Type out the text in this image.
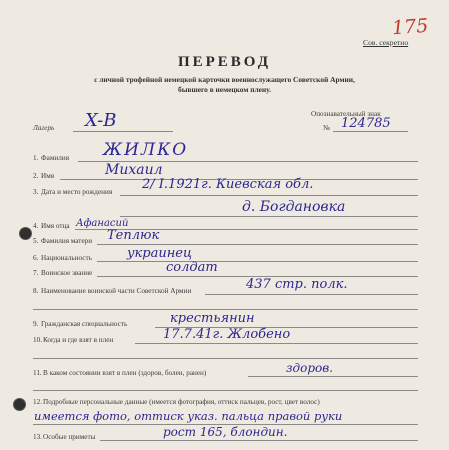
175
Сов. секретно
ПЕРЕВОД
с личной трофейной немецкой карточки военнослужащего Советской Армии,
бывшего в немецком плену.
Лагерь X-B	Опознавательный знак
№ 124785
1. Фамилия ЖИЛКО
2. Имя	Михаил
3. Дата и место рождения 2/ I.1921г. Киевская обл.
д. Богдановка
4. Имя отца Афанасий
5. Фамилия матери Теплюк
6. Национальность	украинец
7. Воинское звание	солдат
8. Наименование воинской части Советской Армии	437 стр. полк.
9. Гражданская специальность	крестьянин
10. Когда и где взят в плен	17.7.41г. Жлобено
11. В каком состоянии взят в плен (здоров, болен, ранен)	здоров.
12. Подробные персональные данные (имеется фотография, оттиск пальцев, рост, цвет волос)
имеется фото, оттиск указ. пальца правой руки
13. Особые приметы	рост 165, блондин.
